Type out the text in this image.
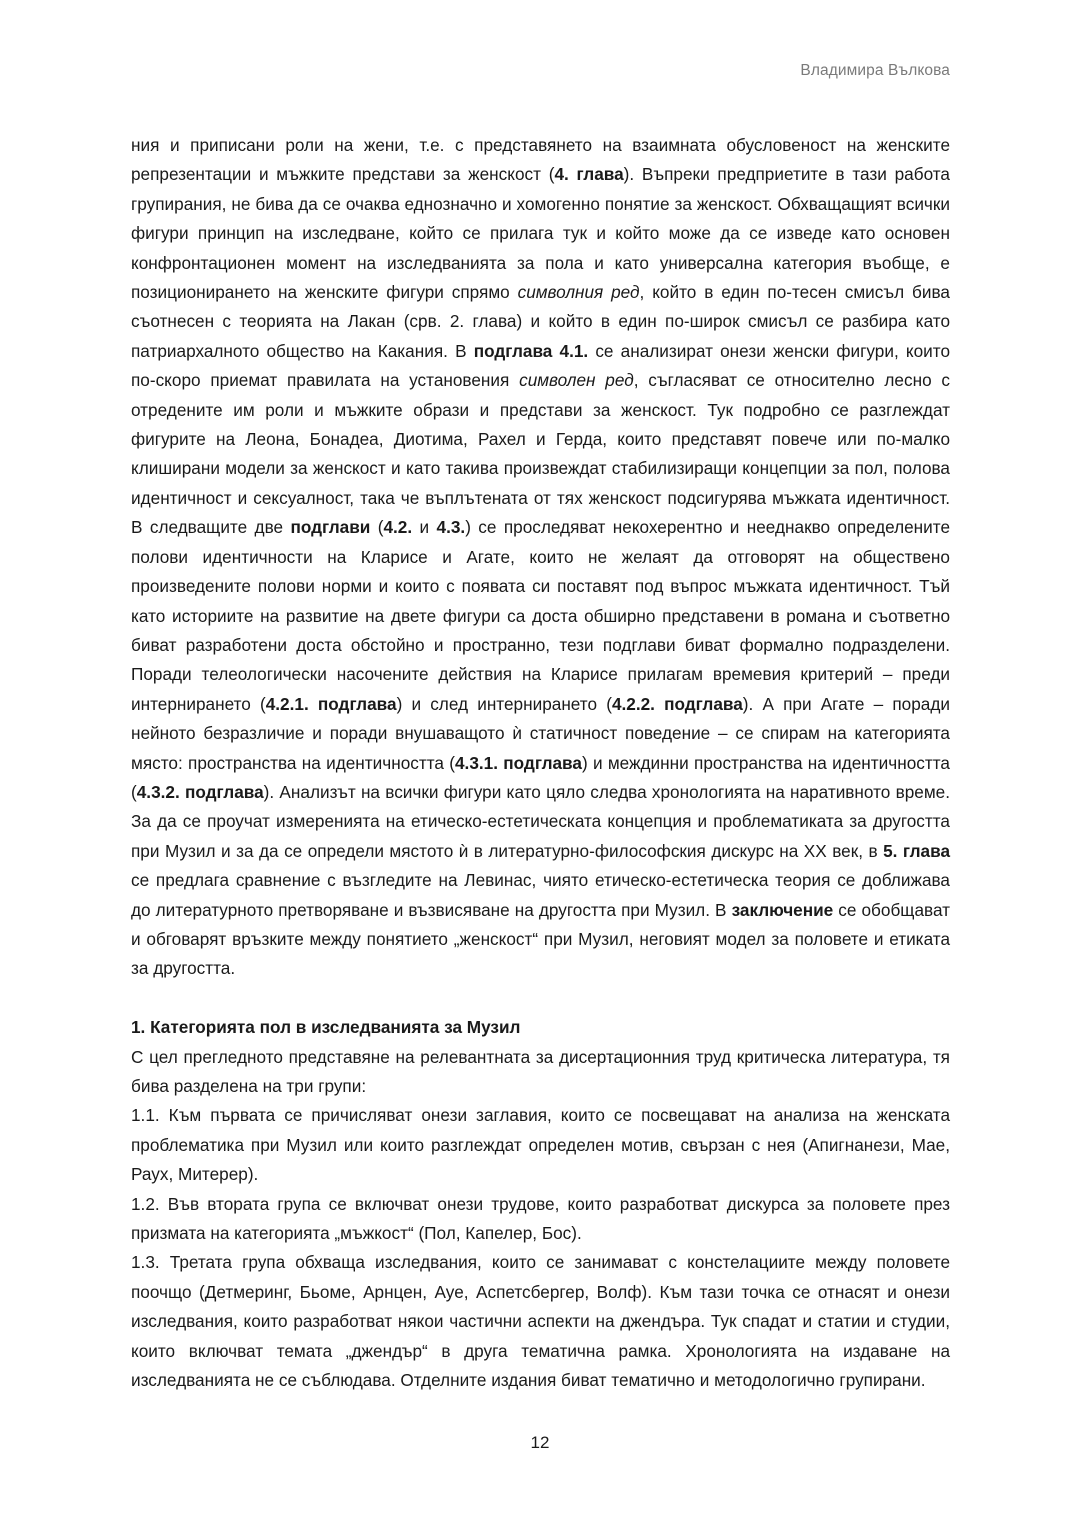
Владимира Вълкова

ния и приписани роли на жени, т.е. с представянето на взаимната обусловеност на женските репрезентации и мъжките представи за женскост (4. глава). Въпреки предприетите в тази работа групирания, не бива да се очаква еднозначно и хомогенно понятие за женскост. Обхващащият всички фигури принцип на изследване, който се прилага тук и който може да се изведе като основен конфронтационен момент на изследванията за пола и като универсална категория въобще, е позиционирането на женските фигури спрямо символния ред, който в един по-тесен смисъл бива съотнесен с теорията на Лакан (срв. 2. глава) и който в един по-широк смисъл се разбира като патриархалното общество на Какания. В подглава 4.1. се анализират онези женски фигури, които по-скоро приемат правилата на установения символен ред, съгласяват се относително лесно с отредените им роли и мъжките образи и представи за женскост. Тук подробно се разглеждат фигурите на Леона, Бонадеа, Диотима, Рахел и Герда, които представят повече или по-малко клиширани модели за женскост и като такива произвеждат стабилизиращи концепции за пол, полова идентичност и сексуалност, така че въплътената от тях женскост подсигурява мъжката идентичност. В следващите две подглави (4.2. и 4.3.) се проследяват некохерентно и нееднакво определените полови идентичности на Кларисе и Агате, които не желаят да отговорят на обществено произведените полови норми и които с появата си поставят под въпрос мъжката идентичност. Тъй като историите на развитие на двете фигури са доста обширно представени в романа и съответно биват разработени доста обстойно и пространно, тези подглави биват формално подразделени. Поради телеологически насочените действия на Кларисе прилагам времевия критерий – преди интернирането (4.2.1. подглава) и след интернирането (4.2.2. подглава). А при Агате – поради нейното безразличие и поради внушаващото ѝ статичност поведение – се спирам на категорията място: пространства на идентичността (4.3.1. подглава) и междинни пространства на идентичността (4.3.2. подглава). Анализът на всички фигури като цяло следва хронологията на наративното време. За да се проучат измеренията на етическо-естетическата концепция и проблематиката за другостта при Музил и за да се определи мястото ѝ в литературно-философския дискурс на XX век, в 5. глава се предлага сравнение с възгледите на Левинас, чиято етическо-естетическа теория се доближава до литературното претворяване и възвисяване на другостта при Музил. В заключение се обобщават и обговарят връзките между понятието „женскост“ при Музил, неговият модел за половете и етиката за другостта.

1. Категорията пол в изследванията за Музил

С цел прегледното представяне на релевантната за дисертационния труд критическа литература, тя бива разделена на три групи:

1.1. Към първата се причисляват онези заглавия, които се посвещават на анализа на женската проблематика при Музил или които разглеждат определен мотив, свързан с нея (Апигнанези, Мае, Раух, Митерер).

1.2. Във втората група се включват онези трудове, които разработват дискурса за половете през призмата на категорията „мъжкост“ (Пол, Капелер, Бос).

1.3. Третата група обхваща изследвания, които се занимават с констелациите между половете поочщо (Детмеринг, Бьоме, Арнцен, Ауе, Аспетсбергер, Волф). Към тази точка се отнасят и онези изследвания, които разработват някои частични аспекти на джендъра. Тук спадат и статии и студии, които включват темата „джендър“ в друга тематична рамка. Хронологията на издаване на изследванията не се съблюдава. Отделните издания биват тематично и методологично групирани.

12
